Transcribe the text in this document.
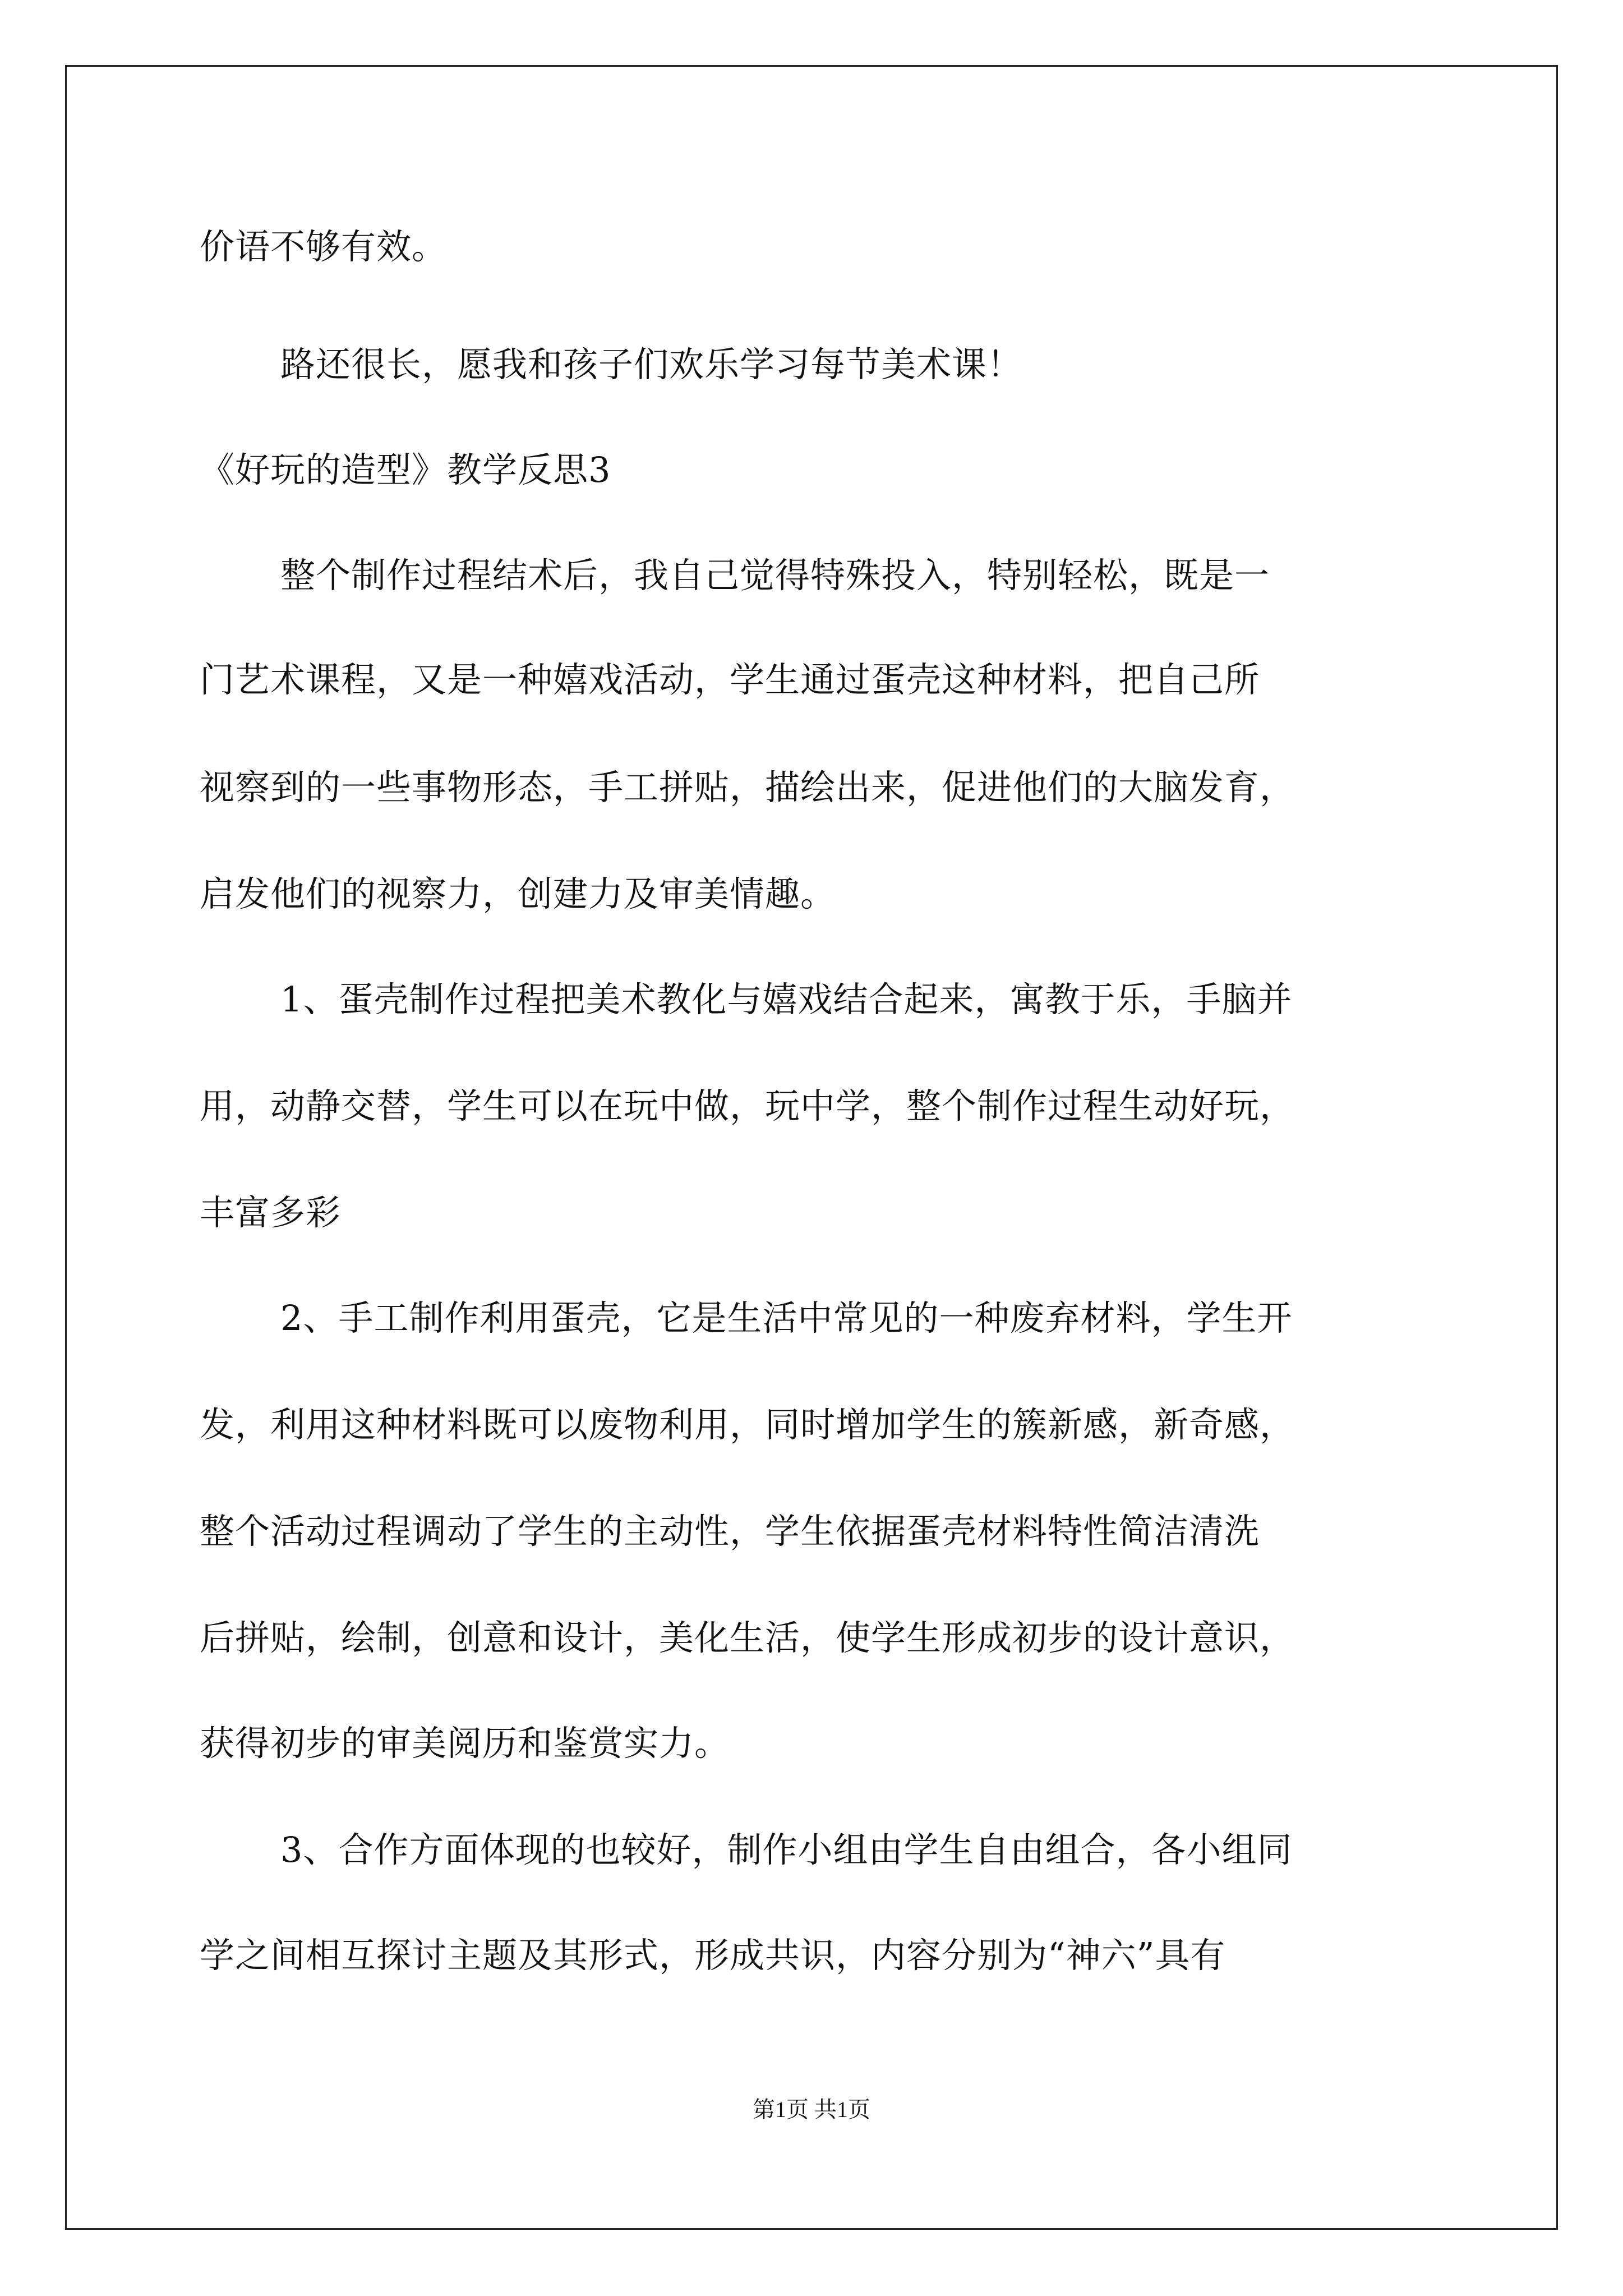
价语不够有效。
路还很长，愿我和孩子们欢乐学习每节美术课！
《好玩的造型》教学反思3
整个制作过程结术后，我自己觉得特殊投入，特别轻松，既是一
门艺术课程，又是一种嬉戏活动，学生通过蛋壳这种材料，把自己所
视察到的一些事物形态，手工拼贴，描绘出来，促进他们的大脑发育，
启发他们的视察力，创建力及审美情趣。
1、蛋壳制作过程把美术教化与嬉戏结合起来，寓教于乐，手脑并
用，动静交替，学生可以在玩中做，玩中学，整个制作过程生动好玩，
丰富多彩
2、手工制作利用蛋壳，它是生活中常见的一种废弃材料，学生开
发，利用这种材料既可以废物利用，同时增加学生的簇新感，新奇感，
整个活动过程调动了学生的主动性，学生依据蛋壳材料特性简洁清洗
后拼贴，绘制，创意和设计，美化生活，使学生形成初步的设计意识，
获得初步的审美阅历和鉴赏实力。
3、合作方面体现的也较好，制作小组由学生自由组合，各小组同
学之间相互探讨主题及其形式，形成共识，内容分别为“神六”具有
第1页 共1页
